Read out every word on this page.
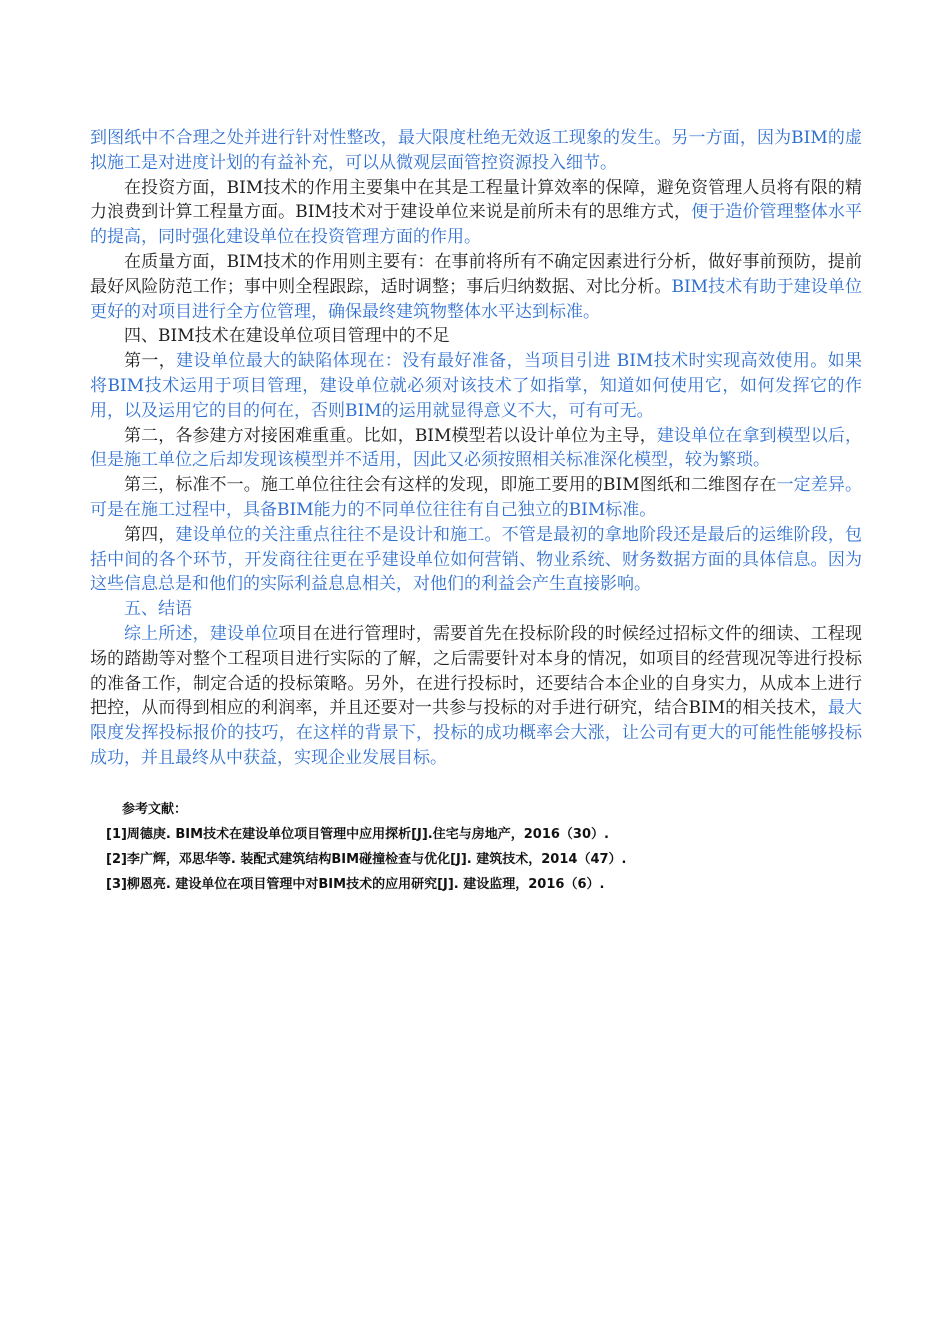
到图纸中不合理之处并进行针对性整改，最大限度杜绝无效返工现象的发生。另一方面，因为BIM的虚拟施工是对进度计划的有益补充，可以从微观层面管控资源投入细节。

在投资方面，BIM技术的作用主要集中在其是工程量计算效率的保障，避免资管理人员将有限的精力浪费到计算工程量方面。BIM技术对于建设单位来说是前所未有的思维方式，便于造价管理整体水平的提高，同时强化建设单位在投资管理方面的作用。

在质量方面，BIM技术的作用则主要有：在事前将所有不确定因素进行分析，做好事前预防，提前最好风险防范工作；事中则全程跟踪，适时调整；事后归纳数据、对比分析。BIM技术有助于建设单位更好的对项目进行全方位管理，确保最终建筑物整体水平达到标准。

四、BIM技术在建设单位项目管理中的不足

第一，建设单位最大的缺陷体现在：没有最好准备，当项目引进 BIM技术时实现高效使用。如果将BIM技术运用于项目管理，建设单位就必须对该技术了如指掌，知道如何使用它，如何发挥它的作用，以及运用它的目的何在，否则BIM的运用就显得意义不大，可有可无。

第二，各参建方对接困难重重。比如，BIM模型若以设计单位为主导，建设单位在拿到模型以后，但是施工单位之后却发现该模型并不适用，因此又必须按照相关标准深化模型，较为繁琐。

第三，标准不一。施工单位往往会有这样的发现，即施工要用的BIM图纸和二维图存在一定差异。可是在施工过程中，具备BIM能力的不同单位往往有自己独立的BIM标准。

第四，建设单位的关注重点往往不是设计和施工。不管是最初的拿地阶段还是最后的运维阶段，包括中间的各个环节，开发商往往更在乎建设单位如何营销、物业系统、财务数据方面的具体信息。因为这些信息总是和他们的实际利益息息相关，对他们的利益会产生直接影响。

五、结语

综上所述，建设单位项目在进行管理时，需要首先在投标阶段的时候经过招标文件的细读、工程现场的踏勘等对整个工程项目进行实际的了解，之后需要针对本身的情况，如项目的经营现况等进行投标的准备工作，制定合适的投标策略。另外，在进行投标时，还要结合本企业的自身实力，从成本上进行把控，从而得到相应的利润率，并且还要对一共参与投标的对手进行研究，结合BIM的相关技术，最大限度发挥投标报价的技巧，在这样的背景下，投标的成功概率会大涨，让公司有更大的可能性能够投标成功，并且最终从中获益，实现企业发展目标。

参考文献：
[1]周德庚. BIM技术在建设单位项目管理中应用探析[J].住宅与房地产，2016（30）.
[2]李广辉，邓思华等. 装配式建筑结构BIM碰撞检查与优化[J]. 建筑技术，2014（47）.
[3]柳恩亮. 建设单位在项目管理中对BIM技术的应用研究[J]. 建设监理，2016（6）.
